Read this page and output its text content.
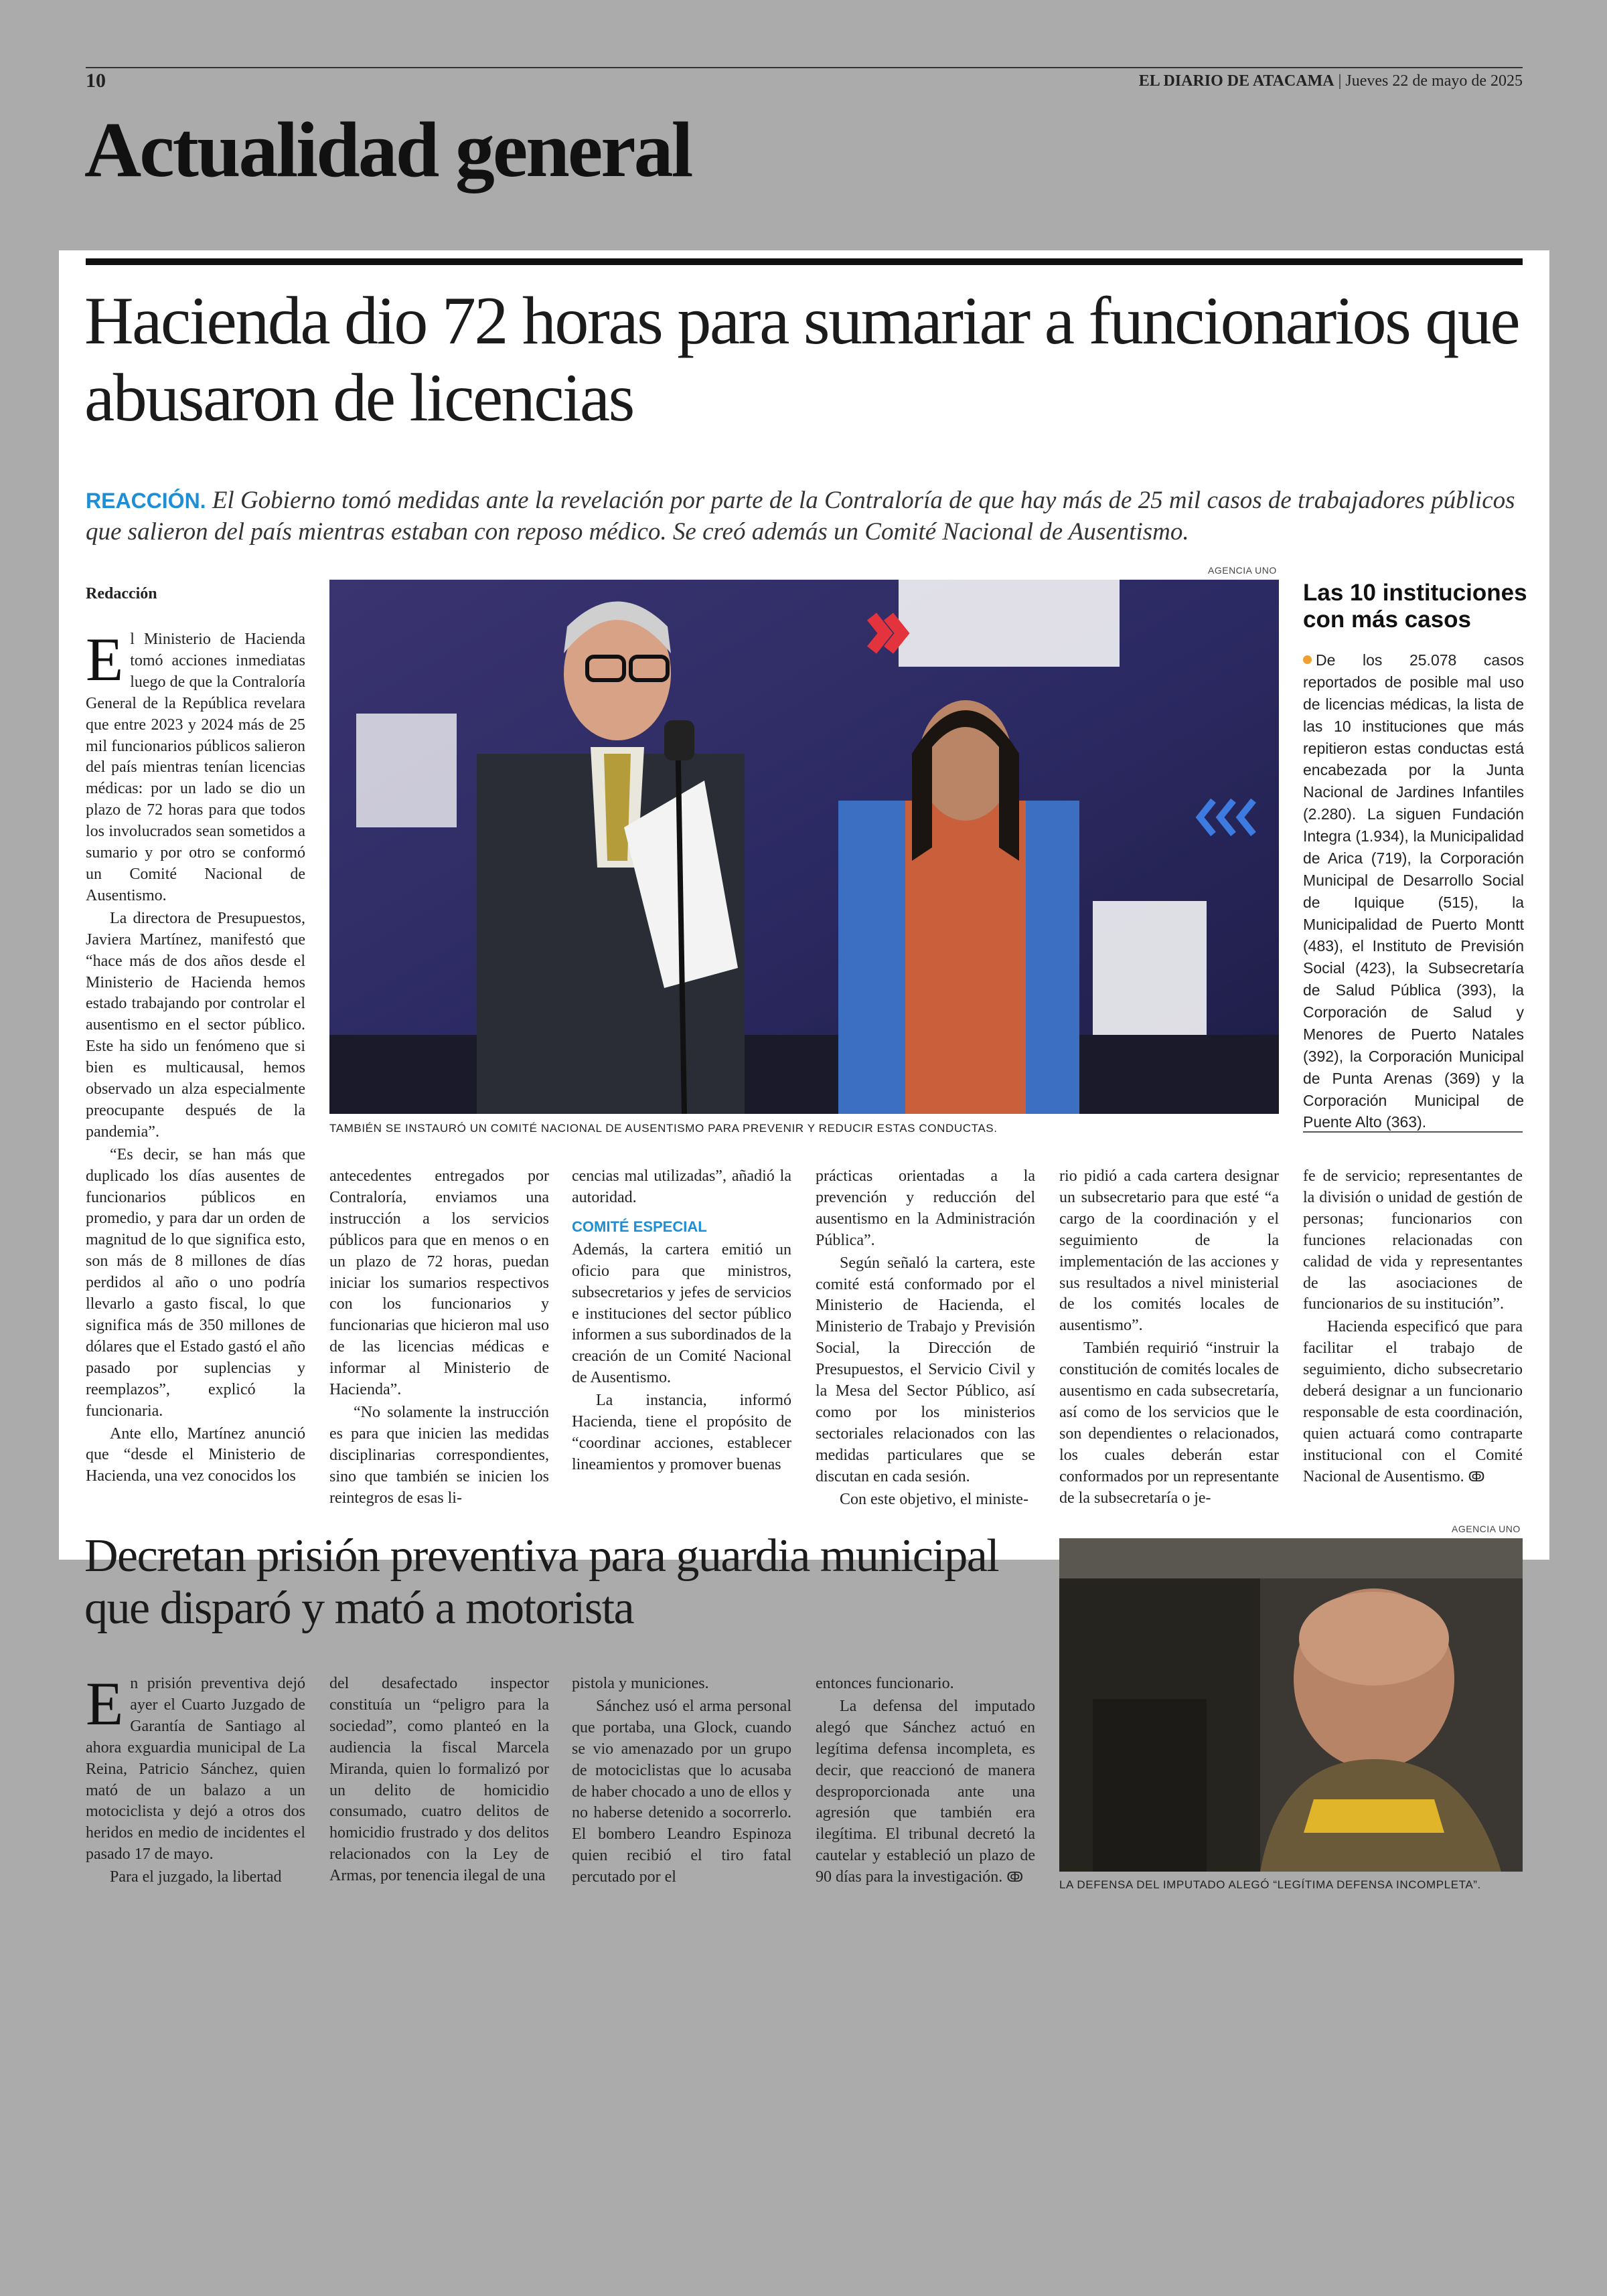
10	EL DIARIO DE ATACAMA | Jueves 22 de mayo de 2025
Actualidad general
Hacienda dio 72 horas para sumariar a funcionarios que abusaron de licencias
REACCIÓN. El Gobierno tomó medidas ante la revelación por parte de la Contraloría de que hay más de 25 mil casos de trabajadores públicos que salieron del país mientras estaban con reposo médico. Se creó además un Comité Nacional de Ausentismo.
AGENCIA UNO
TAMBIÉN SE INSTAURÓ UN COMITÉ NACIONAL DE AUSENTISMO PARA PREVENIR Y REDUCIR ESTAS CONDUCTAS.
Redacción

El Ministerio de Hacienda tomó acciones inmediatas luego de que la Contraloría General de la República revelara que entre 2023 y 2024 más de 25 mil funcionarios públicos salieron del país mientras tenían licencias médicas: por un lado se dio un plazo de 72 horas para que todos los involucrados sean sometidos a sumario y por otro se conformó un Comité Nacional de Ausentismo.

La directora de Presupuestos, Javiera Martínez, manifestó que “hace más de dos años desde el Ministerio de Hacienda hemos estado trabajando por controlar el ausentismo en el sector público. Este ha sido un fenómeno que si bien es multicausal, hemos observado un alza especialmente preocupante después de la pandemia”.

“Es decir, se han más que duplicado los días ausentes de funcionarios públicos en promedio, y para dar un orden de magnitud de lo que significa esto, son más de 8 millones de días perdidos al año o uno podría llevarlo a gasto fiscal, lo que significa más de 350 millones de dólares que el Estado gastó el año pasado por suplencias y reemplazos”, explicó la funcionaria.

Ante ello, Martínez anunció que “desde el Ministerio de Hacienda, una vez conocidos los

antecedentes entregados por Contraloría, enviamos una instrucción a los servicios públicos para que en menos o en un plazo de 72 horas, puedan iniciar los sumarios respectivos con los funcionarios y funcionarias que hicieron mal uso de las licencias médicas e informar al Ministerio de Hacienda”.

“No solamente la instrucción es para que inicien las medidas disciplinarias correspondientes, sino que también se inicien los reintegros de esas li-

cencias mal utilizadas”, añadió la autoridad.

COMITÉ ESPECIAL

Además, la cartera emitió un oficio para que ministros, subsecretarios y jefes de servicios e instituciones del sector público informen a sus subordinados de la creación de un Comité Nacional de Ausentismo.

La instancia, informó Hacienda, tiene el propósito de “coordinar acciones, establecer lineamientos y promover buenas

prácticas orientadas a la prevención y reducción del ausentismo en la Administración Pública”.

Según señaló la cartera, este comité está conformado por el Ministerio de Hacienda, el Ministerio de Trabajo y Previsión Social, la Dirección de Presupuestos, el Servicio Civil y la Mesa del Sector Público, así como por los ministerios sectoriales relacionados con las medidas particulares que se discutan en cada sesión.

Con este objetivo, el ministe-

rio pidió a cada cartera designar un subsecretario para que esté “a cargo de la coordinación y el seguimiento de la implementación de las acciones y sus resultados a nivel ministerial de los comités locales de ausentismo”.

También requirió “instruir la constitución de comités locales de ausentismo en cada subsecretaría, así como de los servicios que le son dependientes o relacionados, los cuales deberán estar conformados por un representante de la subsecretaría o je-

fe de servicio; representantes de la división o unidad de gestión de personas; funcionarios con funciones relacionadas con calidad de vida y representantes de las asociaciones de funcionarios de su institución”.

Hacienda especificó que para facilitar el trabajo de seguimiento, dicho subsecretario deberá designar a un funcionario responsable de esta coordinación, quien actuará como contraparte institucional con el Comité Nacional de Ausentismo. ↂ

Las 10 instituciones con más casos
De los 25.078 casos reportados de posible mal uso de licencias médicas, la lista de las 10 instituciones que más repitieron estas conductas está encabezada por la Junta Nacional de Jardines Infantiles (2.280). La siguen Fundación Integra (1.934), la Municipalidad de Arica (719), la Corporación Municipal de Desarrollo Social de Iquique (515), la Municipalidad de Puerto Montt (483), el Instituto de Previsión Social (423), la Subsecretaría de Salud Pública (393), la Corporación de Salud y Menores de Puerto Natales (392), la Corporación Municipal de Punta Arenas (369) y la Corporación Municipal de Puente Alto (363).
Decretan prisión preventiva para guardia municipal que disparó y mató a motorista
AGENCIA UNO
LA DEFENSA DEL IMPUTADO ALEGÓ “LEGÍTIMA DEFENSA INCOMPLETA”.

En prisión preventiva dejó ayer el Cuarto Juzgado de Garantía de Santiago al ahora exguardia municipal de La Reina, Patricio Sánchez, quien mató de un balazo a un motociclista y dejó a otros dos heridos en medio de incidentes el pasado 17 de mayo.

Para el juzgado, la libertad

del desafectado inspector constituía un “peligro para la sociedad”, como planteó en la audiencia la fiscal Marcela Miranda, quien lo formalizó por un delito de homicidio consumado, cuatro delitos de homicidio frustrado y dos delitos relacionados con la Ley de Armas, por tenencia ilegal de una

pistola y municiones.

Sánchez usó el arma personal que portaba, una Glock, cuando se vio amenazado por un grupo de motociclistas que lo acusaba de haber chocado a uno de ellos y no haberse detenido a socorrerlo. El bombero Leandro Espinoza quien recibió el tiro fatal percutado por el

entonces funcionario.

La defensa del imputado alegó que Sánchez actuó en legítima defensa incompleta, es decir, que reaccionó de manera desproporcionada ante una agresión que también era ilegítima. El tribunal decretó la cautelar y estableció un plazo de 90 días para la investigación. ↂ
